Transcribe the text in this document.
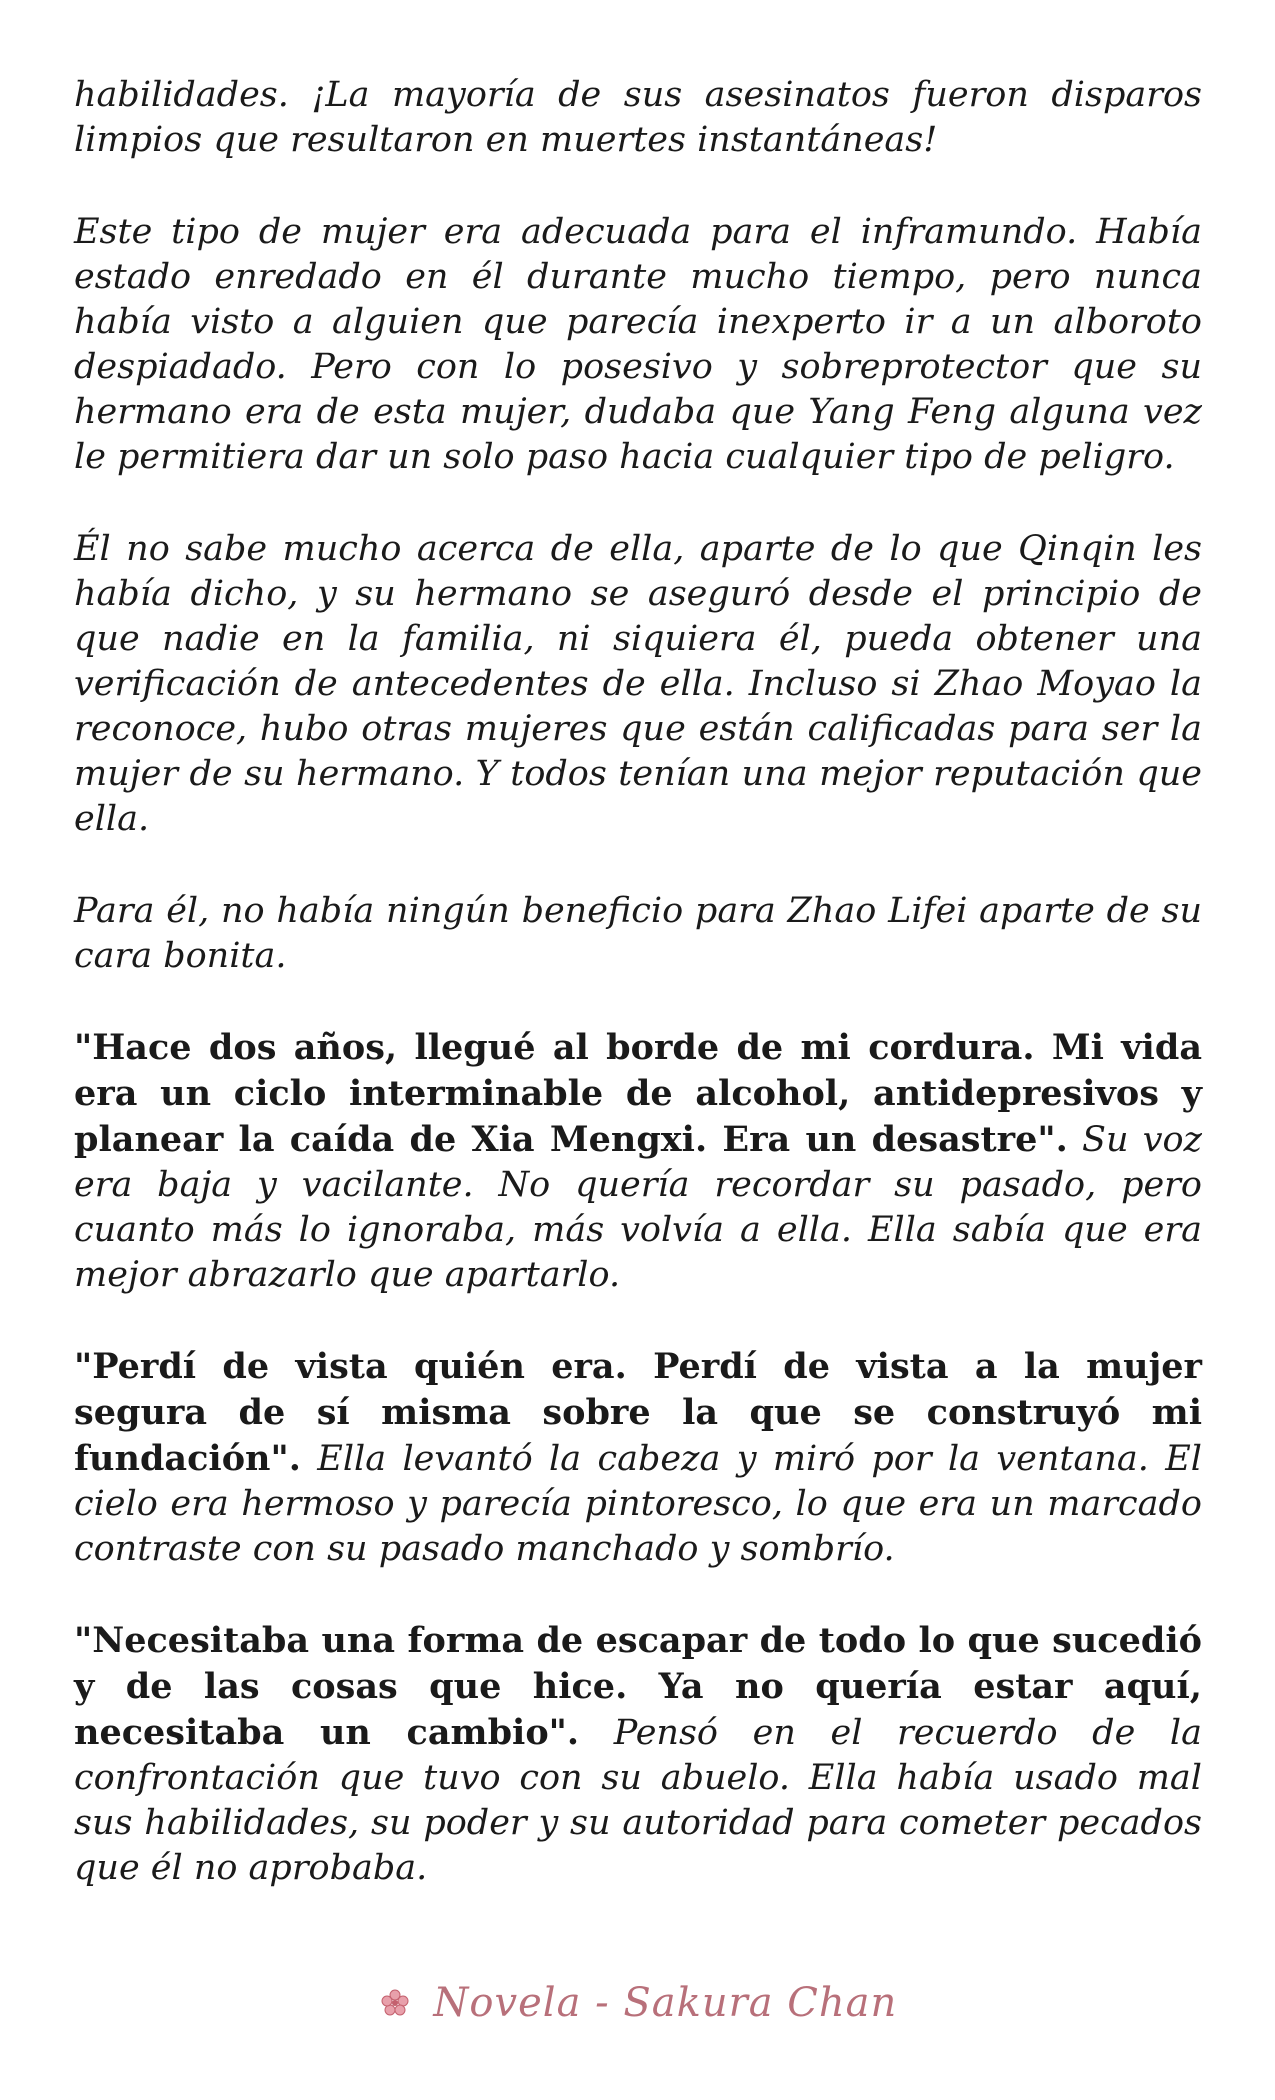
habilidades. ¡La mayoría de sus asesinatos fueron disparos limpios que resultaron en muertes instantáneas!

Este tipo de mujer era adecuada para el inframundo. Había estado enredado en él durante mucho tiempo, pero nunca había visto a alguien que parecía inexperto ir a un alboroto despiadado. Pero con lo posesivo y sobreprotector que su hermano era de esta mujer, dudaba que Yang Feng alguna vez le permitiera dar un solo paso hacia cualquier tipo de peligro.

Él no sabe mucho acerca de ella, aparte de lo que Qinqin les había dicho, y su hermano se aseguró desde el principio de que nadie en la familia, ni siquiera él, pueda obtener una verificación de antecedentes de ella. Incluso si Zhao Moyao la reconoce, hubo otras mujeres que están calificadas para ser la mujer de su hermano. Y todos tenían una mejor reputación que ella.

Para él, no había ningún beneficio para Zhao Lifei aparte de su cara bonita.

"Hace dos años, llegué al borde de mi cordura. Mi vida era un ciclo interminable de alcohol, antidepresivos y planear la caída de Xia Mengxi. Era un desastre". Su voz era baja y vacilante. No quería recordar su pasado, pero cuanto más lo ignoraba, más volvía a ella. Ella sabía que era mejor abrazarlo que apartarlo.

"Perdí de vista quién era. Perdí de vista a la mujer segura de sí misma sobre la que se construyó mi fundación". Ella levantó la cabeza y miró por la ventana. El cielo era hermoso y parecía pintoresco, lo que era un marcado contraste con su pasado manchado y sombrío.

"Necesitaba una forma de escapar de todo lo que sucedió y de las cosas que hice. Ya no quería estar aquí, necesitaba un cambio". Pensó en el recuerdo de la confrontación que tuvo con su abuelo. Ella había usado mal sus habilidades, su poder y su autoridad para cometer pecados que él no aprobaba.

Novela - Sakura Chan
